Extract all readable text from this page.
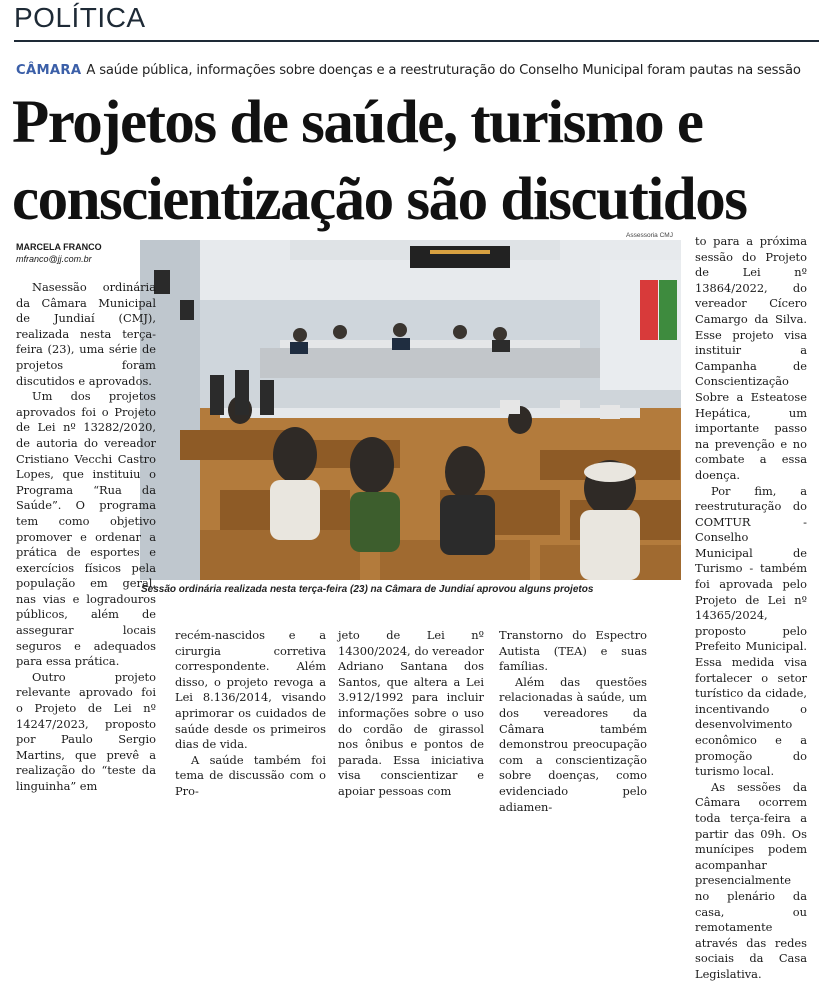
POLÍTICA
CÂMARA A saúde pública, informações sobre doenças e a reestruturação do Conselho Municipal foram pautas na sessão
Projetos de saúde, turismo e conscientização são discutidos
MARCELA FRANCO
mfranco@jj.com.br
Assessoria CMJ
Sessão ordinária realizada nesta terça-feira (23) na Câmara de Jundiaí aprovou alguns projetos

Nasessão ordinária da Câmara Municipal de Jundiaí (CMJ), realizada nesta terça-feira (23), uma série de projetos foram discutidos e aprovados.

Um dos projetos aprovados foi o Projeto de Lei nº 13282/2020, de autoria do vereador Cristiano Vecchi Castro Lopes, que instituiu o Programa “Rua da Saúde”. O programa tem como objetivo promover e ordenar a prática de esportes e exercícios físicos pela população em geral, nas vias e logradouros públicos, além de assegurar locais seguros e adequados para essa prática.

Outro projeto relevante aprovado foi o Projeto de Lei nº 14247/2023, proposto por Paulo Sergio Martins, que prevê a realização do “teste da linguinha” em

recém-nascidos e a cirurgia corretiva correspondente. Além disso, o projeto revoga a Lei 8.136/2014, visando aprimorar os cuidados de saúde desde os primeiros dias de vida.

A saúde também foi tema de discussão com o Pro-

jeto de Lei nº 14300/2024, do vereador Adriano Santana dos Santos, que altera a Lei 3.912/1992 para incluir informações sobre o uso do cordão de girassol nos ônibus e pontos de parada. Essa iniciativa visa conscientizar e apoiar pessoas com

Transtorno do Espectro Autista (TEA) e suas famílias.

Além das questões relacionadas à saúde, um dos vereadores da Câmara também demonstrou preocupação com a conscientização sobre doenças, como evidenciado pelo adiamen-

to para a próxima sessão do Projeto de Lei nº 13864/2022, do vereador Cícero Camargo da Silva. Esse projeto visa instituir a Campanha de Conscientização Sobre a Esteatose Hepática, um importante passo na prevenção e no combate a essa doença.

Por fim, a reestruturação do COMTUR - Conselho Municipal de Turismo - também foi aprovada pelo Projeto de Lei nº 14365/2024, proposto pelo Prefeito Municipal. Essa medida visa fortalecer o setor turístico da cidade, incentivando o desenvolvimento econômico e a promoção do turismo local.

As sessões da Câmara ocorrem toda terça-feira a partir das 09h. Os munícipes podem acompanhar presencialmente no plenário da casa, ou remotamente através das redes sociais da Casa Legislativa.
